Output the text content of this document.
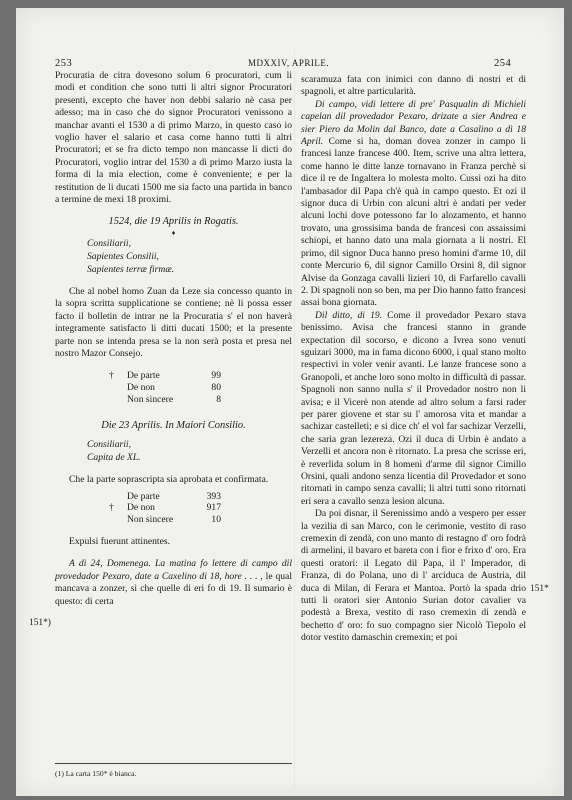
253	MDXXIV, APRILE.	254

Procuratia de citra dovesono solum 6 procuratori, cum li modi et condition che sono tutti li altri signor Procuratori presenti, excepto che haver non debbi salario nè casa per adesso; ma in caso che do signor Procuratori venissono a manchar avanti el 1530 a dì primo Marzo, in questo caso io voglio haver el salario et casa come hanno tutti li altri Procuratori; et se fra dicto tempo non mancasse li dicti do Procuratori, voglio intrar del 1530 a dì primo Marzo iusta la forma di la mia election, come è conveniente; e per la restitution de li ducati 1500 me sia facto una partida in banco a termine de mexi 18 proximi.

1524, die 19 Aprilis in Rogatis.

♦
Consiliarii,
Sapientes Consilii,
Sapientes terræ firmæ.

Che al nobel homo Zuan da Leze sia concesso quanto in la sopra scritta supplicatione se contiene; nè li possa esser facto il bolletin de intrar ne la Procuratia s' el non haverà integramente satisfacto li ditti ducati 1500; et la presente parte non se intenda presa se la non serà posta et presa nel nostro Mazor Consejo.

†	De parte	99
De non	80
Non sincere	8

Die 23 Aprilis. In Maiori Consilio.

Consiliarii,
Capita de XL.

Che la parte soprascripta sia aprobata et confirmata.

De parte	393
†	De non	917
Non sincere	10

Expulsi fuerunt attinentes.

A dì 24, Domenega. La matina fo lettere di campo dil provedador Pexaro, date a Caxelino di 18, hore . . . , le qual mancava a zonzer, sì che quelle di eri fo di 19. Il sumario è questo: di certa

151*)
(1) La carta 150* è bianca.

scaramuza fata con inimici con danno di nostri et di spagnoli, et altre particularità.

Di campo, vidi lettere di pre' Pasqualin di Michieli capelan dil provedador Pexaro, drizate a sier Andrea e sier Piero da Molin dal Banco, date a Casalino a dì 18 April. Come si ha, doman dovea zonzer in campo li francesi lanze francese 400. Item, scrive una altra lettera, come hanno le ditte lanze tornavano in Franza perchè si dice il re de Ingaltera lo molesta molto. Cussì ozi ha dito l'ambasador dil Papa ch'è quà in campo questo. Et ozi il signor duca di Urbin con alcuni altri è andati per veder alcuni lochi dove potessono far lo alozamento, et hanno trovato, una grossisima banda de francesi con assaissimi schiopi, et hanno dato una mala giornata a li nostri. El primo, dil signor Duca hanno preso homini d'arme 10, dil conte Mercurio 6, dil signor Camillo Orsini 8, dil signor Alvise da Gonzaga cavalli lizieri 10, di Farfarello cavalli 2. Di spagnoli non so ben, ma per Dio hanno fatto francesi assai bona giornata.

Dil ditto, di 19. Come il provedador Pexaro stava benissimo. Avisa che francesi stanno in grande expectation dil socorso, e dicono a Ivrea sono venuti sguizari 3000, ma in fama dicono 6000, i qual stano molto respectivi in voler venir avanti. Le lanze francese sono a Granopoli, et anche loro sono molto in difficultà di passar. Spagnoli non sanno nulla s' il Provedador nostro non li avisa; e il Vicerè non atende ad altro solum a farsi rader per parer giovene et star su l' amorosa vita et mandar a sachizar castelleti; e si dice ch' el vol far sachizar Verzelli, che sarìa gran lezereza. Ozi il duca di Urbin è andato a Verzelli et ancora non è ritornato. La presa che scrisse eri, è reverlida solum in 8 homeni d'arme dil signor Cimillo Orsini, quali andono senza licentia dil Provedador et sono ritornati in campo senza cavalli; li altri tutti sono ritornati eri sera a cavallo senza lesion alcuna.

Da poi disnar, il Serenissimo andò a vespero per esser la vezilia di san Marco, con le cerimonie, vestito di raso cremexin di zendà, con uno manto di restagno d' oro fodrà di armelini, il bavaro et bareta con i fior e frixo d' oro. Era questi oratori: il Legato dil Papa, il l' Imperador, di Franza, di do Polana, uno di l' arciduca de Austria, dil duca di Milan, di Ferara et Mantoa. Portò la spada drio tutti li oratori sier Antonio Surian dotor cavalier va podestà a Brexa, vestito di raso cremexin di zendà e bechetto d' oro: fo suo compagno sier Nicolò Tiepolo el dotor vestito damaschin cremexin; et poi

151*
